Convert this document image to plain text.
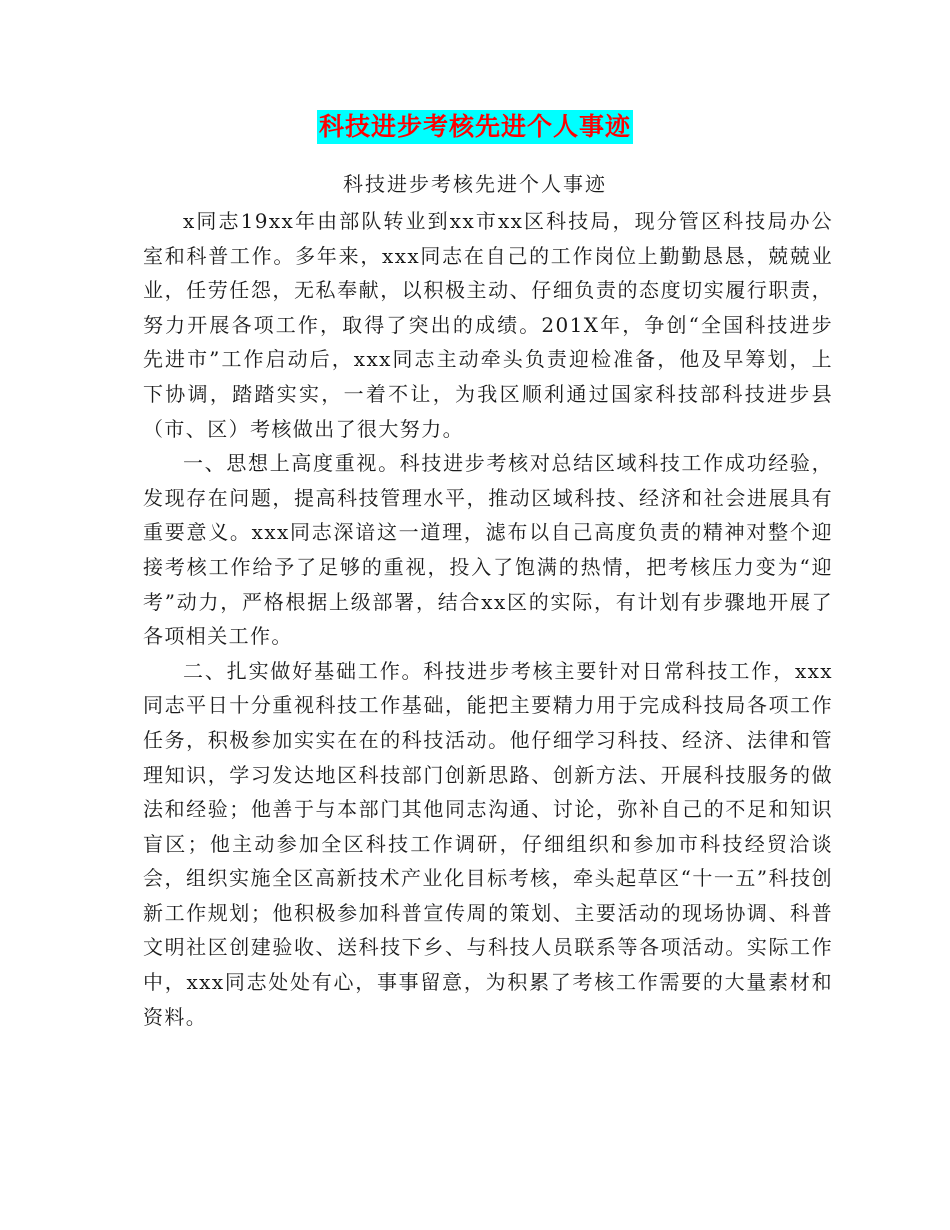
科技进步考核先进个人事迹
科技进步考核先进个人事迹

x同志19xx年由部队转业到xx市xx区科技局，现分管区科技局办公室和科普工作。多年来，xxx同志在自己的工作岗位上勤勤恳恳，兢兢业业，任劳任怨，无私奉献，以积极主动、仔细负责的态度切实履行职责，努力开展各项工作，取得了突出的成绩。201X年，争创“全国科技进步先进市”工作启动后，xxx同志主动牵头负责迎检准备，他及早筹划，上下协调，踏踏实实，一着不让，为我区顺利通过国家科技部科技进步县（市、区）考核做出了很大努力。

一、思想上高度重视。科技进步考核对总结区域科技工作成功经验，发现存在问题，提高科技管理水平，推动区域科技、经济和社会进展具有重要意义。xxx同志深谙这一道理，滤布以自己高度负责的精神对整个迎接考核工作给予了足够的重视，投入了饱满的热情，把考核压力变为“迎考”动力，严格根据上级部署，结合xx区的实际，有计划有步骤地开展了各项相关工作。

二、扎实做好基础工作。科技进步考核主要针对日常科技工作，xxx同志平日十分重视科技工作基础，能把主要精力用于完成科技局各项工作任务，积极参加实实在在的科技活动。他仔细学习科技、经济、法律和管理知识，学习发达地区科技部门创新思路、创新方法、开展科技服务的做法和经验；他善于与本部门其他同志沟通、讨论，弥补自己的不足和知识盲区；他主动参加全区科技工作调研，仔细组织和参加市科技经贸洽谈会，组织实施全区高新技术产业化目标考核，牵头起草区“十一五”科技创新工作规划；他积极参加科普宣传周的策划、主要活动的现场协调、科普文明社区创建验收、送科技下乡、与科技人员联系等各项活动。实际工作中，xxx同志处处有心，事事留意，为积累了考核工作需要的大量素材和资料。
